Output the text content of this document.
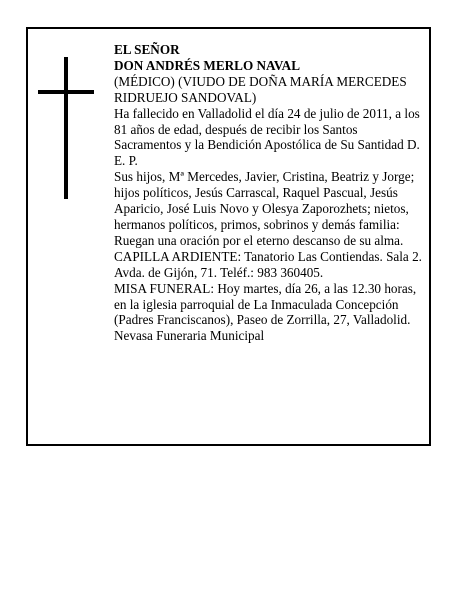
EL SEÑOR

DON ANDRÉS MERLO NAVAL

(MÉDICO) (VIUDO DE DOÑA MARÍA MERCEDES RIDRUEJO SANDOVAL)

Ha fallecido en Valladolid el día 24 de julio de 2011, a los 81 años de edad, después de recibir los Santos Sacramentos y la Bendición Apostólica de Su Santidad D. E. P.

Sus hijos, Mª Mercedes, Javier, Cristina, Beatriz y Jorge; hijos políticos, Jesús Carrascal, Raquel Pascual, Jesús Aparicio, José Luis Novo y Olesya Zaporozhets; nietos, hermanos políticos, primos, sobrinos y demás familia:

Ruegan una oración por el eterno descanso de su alma.

CAPILLA ARDIENTE: Tanatorio Las Contiendas. Sala 2. Avda. de Gijón, 71. Teléf.: 983 360405.

MISA FUNERAL: Hoy martes, día 26, a las 12.30 horas, en la iglesia parroquial de La Inmaculada Concepción (Padres Franciscanos), Paseo de Zorrilla, 27, Valladolid.

Nevasa Funeraria Municipal
